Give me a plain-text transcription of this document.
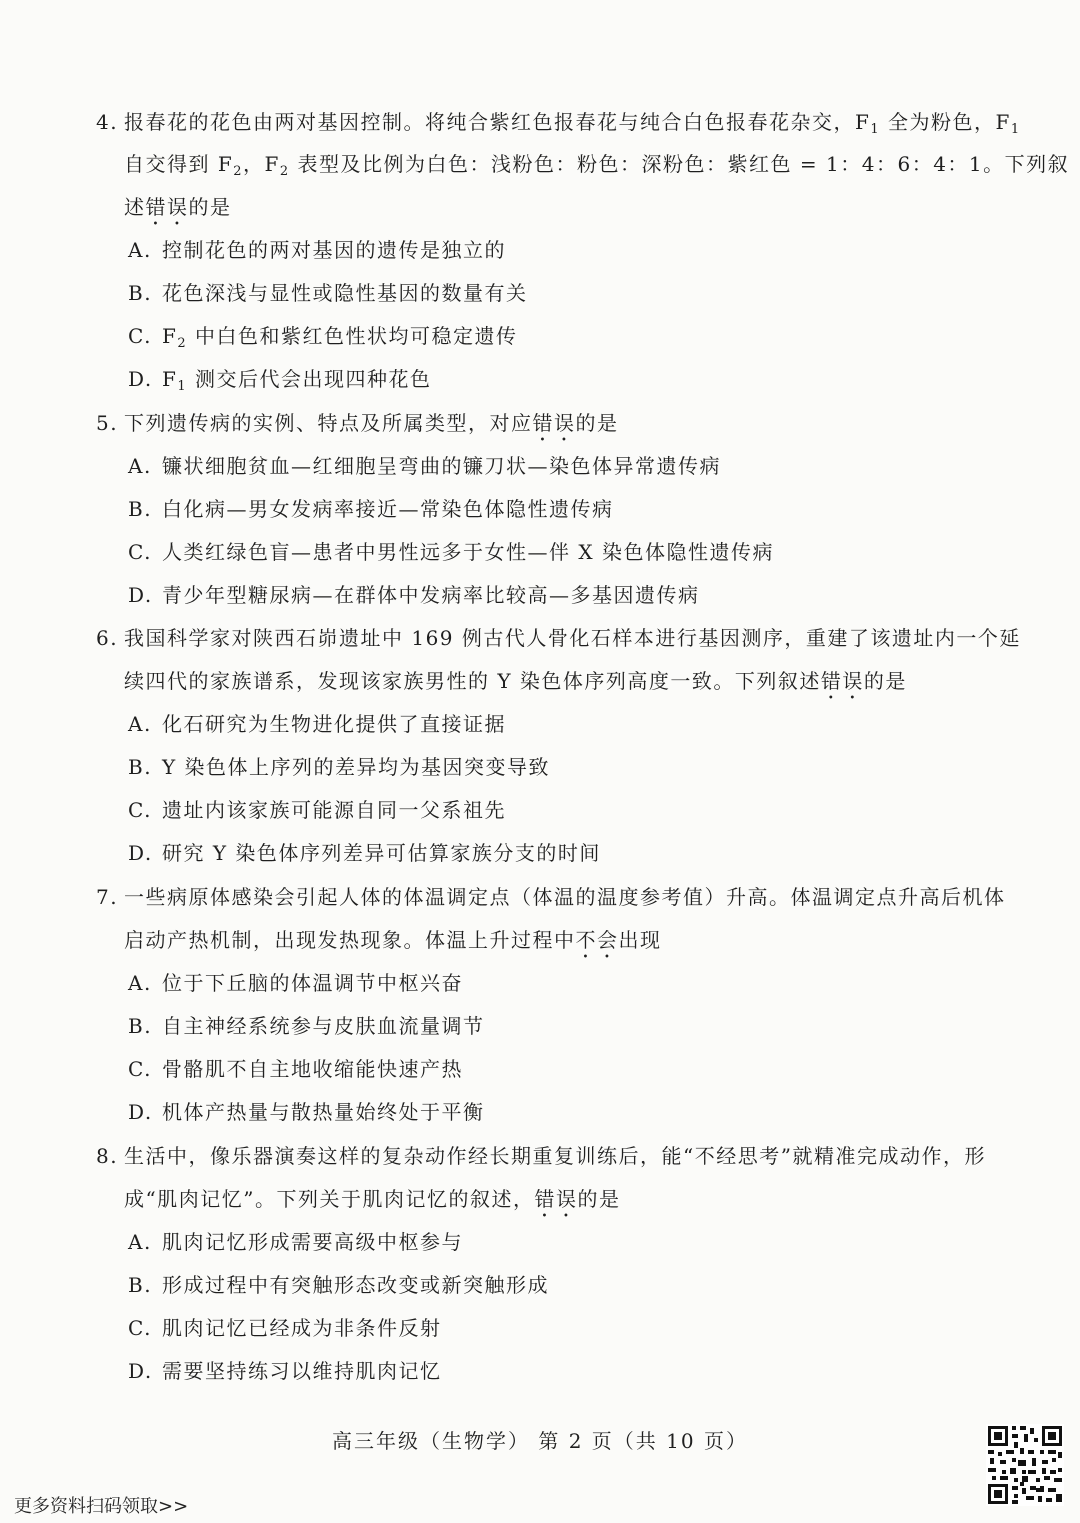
4. 报春花的花色由两对基因控制。将纯合紫红色报春花与纯合白色报春花杂交，$F_1$ 全为粉色，$F_1$
自交得到 $F_2$，$F_2$ 表型及比例为白色：浅粉色：粉色：深粉色：紫红色 = 1：4：6：4：1。下列叙
述错误的是
A. 控制花色的两对基因的遗传是独立的
B. 花色深浅与显性或隐性基因的数量有关
C. $F_2$ 中白色和紫红色性状均可稳定遗传
D. $F_1$ 测交后代会出现四种花色
5. 下列遗传病的实例、特点及所属类型，对应错误的是
A. 镰状细胞贫血—红细胞呈弯曲的镰刀状—染色体异常遗传病
B. 白化病—男女发病率接近—常染色体隐性遗传病
C. 人类红绿色盲—患者中男性远多于女性—伴 X 染色体隐性遗传病
D. 青少年型糖尿病—在群体中发病率比较高—多基因遗传病
6. 我国科学家对陕西石峁遗址中 169 例古代人骨化石样本进行基因测序，重建了该遗址内一个延
续四代的家族谱系，发现该家族男性的 Y 染色体序列高度一致。下列叙述错误的是
A. 化石研究为生物进化提供了直接证据
B. Y 染色体上序列的差异均为基因突变导致
C. 遗址内该家族可能源自同一父系祖先
D. 研究 Y 染色体序列差异可估算家族分支的时间
7. 一些病原体感染会引起人体的体温调定点（体温的温度参考值）升高。体温调定点升高后机体
启动产热机制，出现发热现象。体温上升过程中不会出现
A. 位于下丘脑的体温调节中枢兴奋
B. 自主神经系统参与皮肤血流量调节
C. 骨骼肌不自主地收缩能快速产热
D. 机体产热量与散热量始终处于平衡
8. 生活中，像乐器演奏这样的复杂动作经长期重复训练后，能“不经思考”就精准完成动作，形
成“肌肉记忆”。下列关于肌肉记忆的叙述，错误的是
A. 肌肉记忆形成需要高级中枢参与
B. 形成过程中有突触形态改变或新突触形成
C. 肌肉记忆已经成为非条件反射
D. 需要坚持练习以维持肌肉记忆
高三年级（生物学） 第 2 页（共 10 页）
更多资料扫码领取>>
